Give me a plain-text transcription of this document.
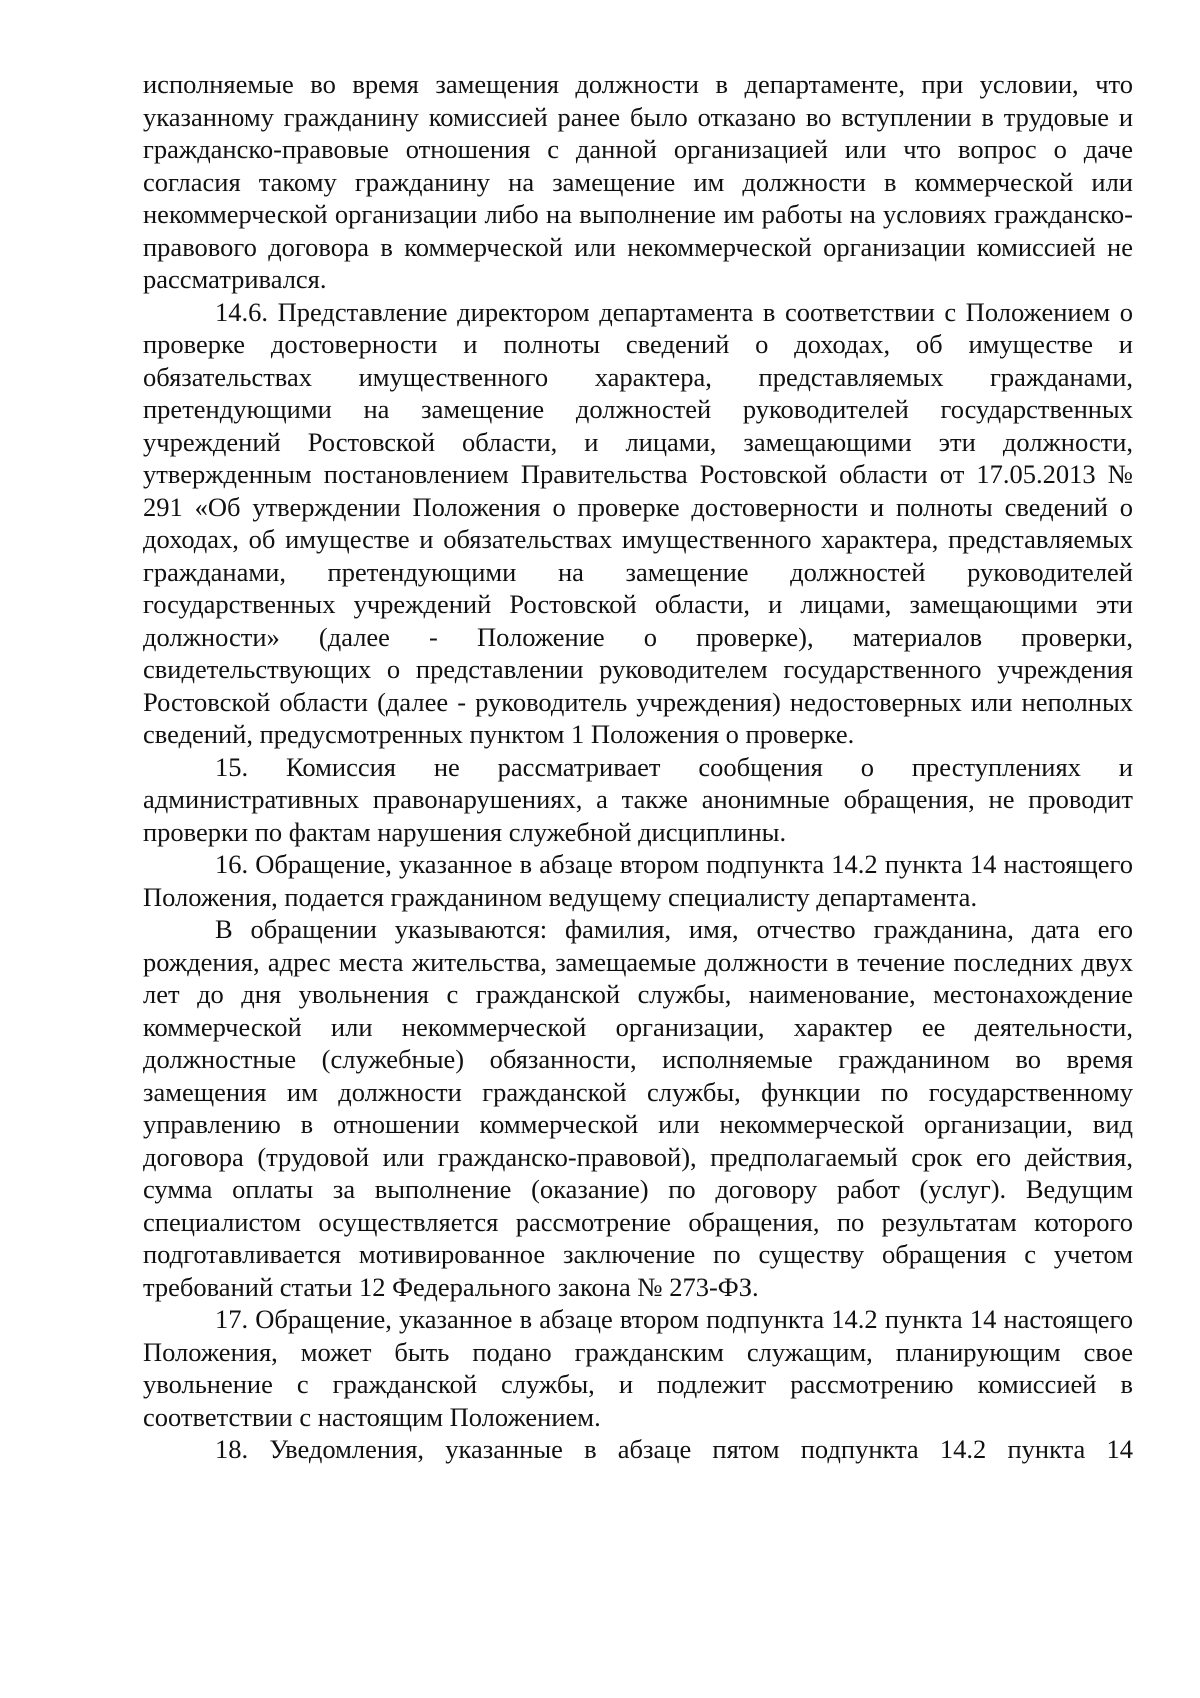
исполняемые во время замещения должности в департаменте, при условии, что указанному гражданину комиссией ранее было отказано во вступлении в трудовые и гражданско-правовые отношения с данной организацией или что вопрос о даче согласия такому гражданину на замещение им должности в коммерческой или некоммерческой организации либо на выполнение им работы на условиях гражданско-правового договора в коммерческой или некоммерческой организации комиссией не рассматривался.

14.6. Представление директором департамента в соответствии с Положением о проверке достоверности и полноты сведений о доходах, об имуществе и обязательствах имущественного характера, представляемых гражданами, претендующими на замещение должностей руководителей государственных учреждений Ростовской области, и лицами, замещающими эти должности, утвержденным постановлением Правительства Ростовской области от 17.05.2013 № 291 «Об утверждении Положения о проверке достоверности и полноты сведений о доходах, об имуществе и обязательствах имущественного характера, представляемых гражданами, претендующими на замещение должностей руководителей государственных учреждений Ростовской области, и лицами, замещающими эти должности» (далее - Положение о проверке), материалов проверки, свидетельствующих о представлении руководителем государственного учреждения Ростовской области (далее - руководитель учреждения) недостоверных или неполных сведений, предусмотренных пунктом 1 Положения о проверке.

15. Комиссия не рассматривает сообщения о преступлениях и административных правонарушениях, а также анонимные обращения, не проводит проверки по фактам нарушения служебной дисциплины.

16. Обращение, указанное в абзаце втором подпункта 14.2 пункта 14 настоящего Положения, подается гражданином ведущему специалисту департамента.

В обращении указываются: фамилия, имя, отчество гражданина, дата его рождения, адрес места жительства, замещаемые должности в течение последних двух лет до дня увольнения с гражданской службы, наименование, местонахождение коммерческой или некоммерческой организации, характер ее деятельности, должностные (служебные) обязанности, исполняемые гражданином во время замещения им должности гражданской службы, функции по государственному управлению в отношении коммерческой или некоммерческой организации, вид договора (трудовой или гражданско-правовой), предполагаемый срок его действия, сумма оплаты за выполнение (оказание) по договору работ (услуг). Ведущим специалистом осуществляется рассмотрение обращения, по результатам которого подготавливается мотивированное заключение по существу обращения с учетом требований статьи 12 Федерального закона № 273-ФЗ.

17. Обращение, указанное в абзаце втором подпункта 14.2 пункта 14 настоящего Положения, может быть подано гражданским служащим, планирующим свое увольнение с гражданской службы, и подлежит рассмотрению комиссией в соответствии с настоящим Положением.

18. Уведомления, указанные в абзаце пятом подпункта 14.2 пункта 14
